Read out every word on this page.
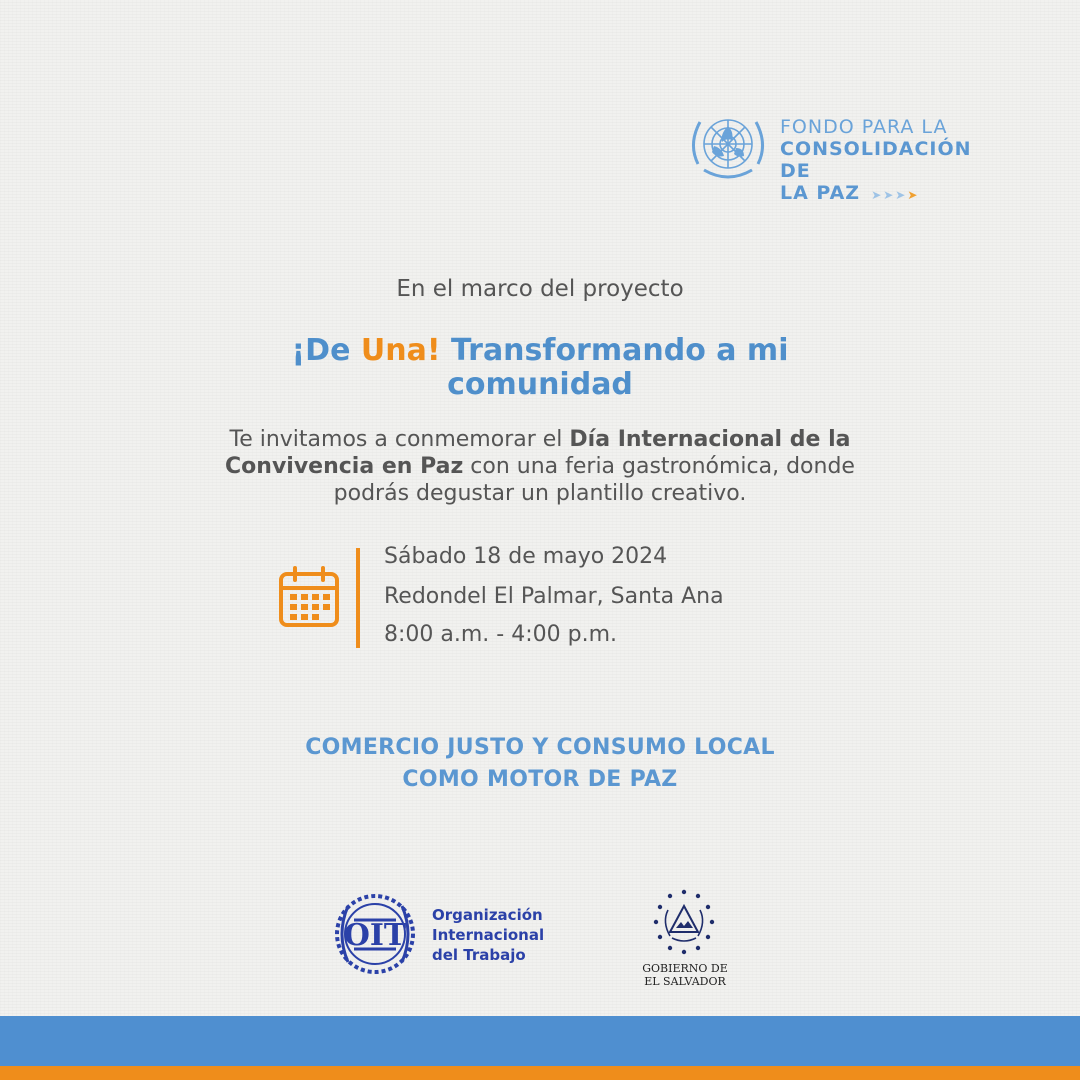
FONDO PARA LA
CONSOLIDACIÓN DE
LA PAZ ➤➤➤➤
En el marco del proyecto
¡De Una! Transformando a mi comunidad
Te invitamos a conmemorar el Día Internacional de la Convivencia en Paz con una feria gastronómica, donde podrás degustar un plantillo creativo.
Sábado 18 de mayo 2024
Redondel El Palmar, Santa Ana
8:00 a.m. - 4:00 p.m.
COMERCIO JUSTO Y CONSUMO LOCAL
COMO MOTOR DE PAZ
OIT
Organización
Internacional
del Trabajo
GOBIERNO DE
EL SALVADOR
